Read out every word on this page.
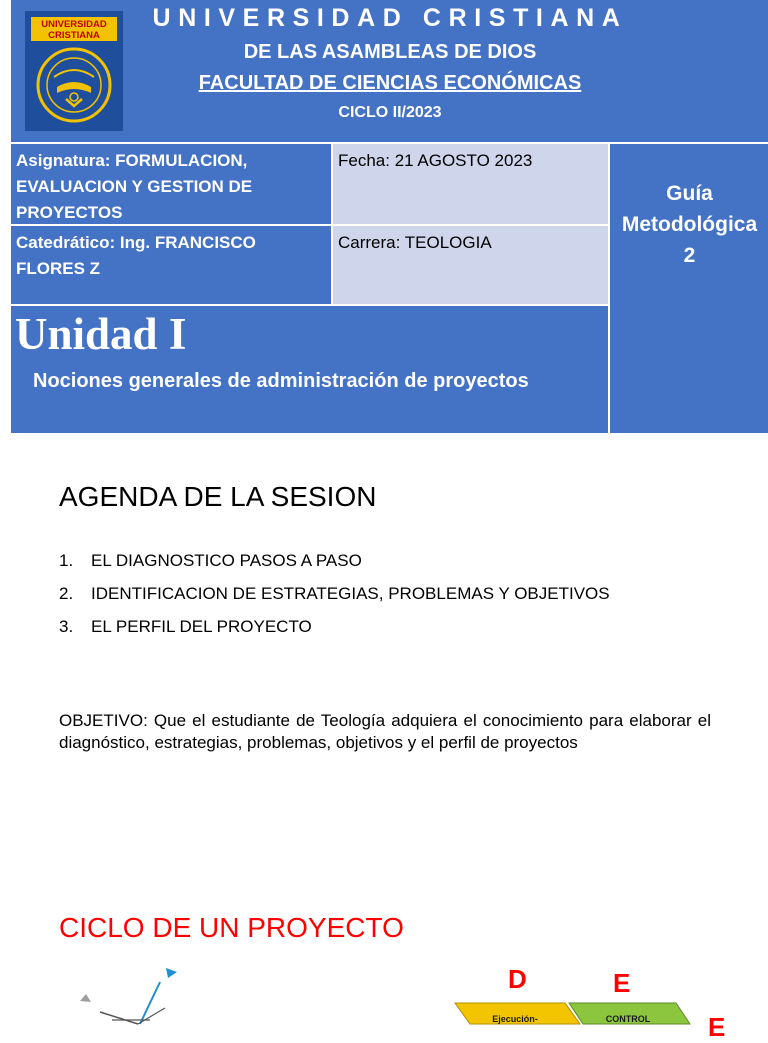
UNIVERSIDAD
CRISTIANA
UNIVERSIDAD CRISTIANA
DE LAS ASAMBLEAS DE DIOS
FACULTAD DE CIENCIAS ECONÓMICAS
CICLO II/2023
Asignatura: FORMULACION, EVALUACION Y GESTION DE PROYECTOS
Fecha: 21 AGOSTO 2023
Catedrático: Ing. FRANCISCO FLORES Z
Carrera: TEOLOGIA
Guía
Metodológica
2
Unidad I
Nociones generales de administración de proyectos
AGENDA DE LA SESION
1. EL DIAGNOSTICO PASOS A PASO
2. IDENTIFICACION DE ESTRATEGIAS, PROBLEMAS Y OBJETIVOS
3. EL PERFIL DEL PROYECTO
OBJETIVO: Que el estudiante de Teología adquiera el conocimiento para elaborar el diagnóstico, estrategias, problemas, objetivos y el perfil de proyectos
CICLO DE UN PROYECTO
Ejecución-	CONTROL
D	E
E
